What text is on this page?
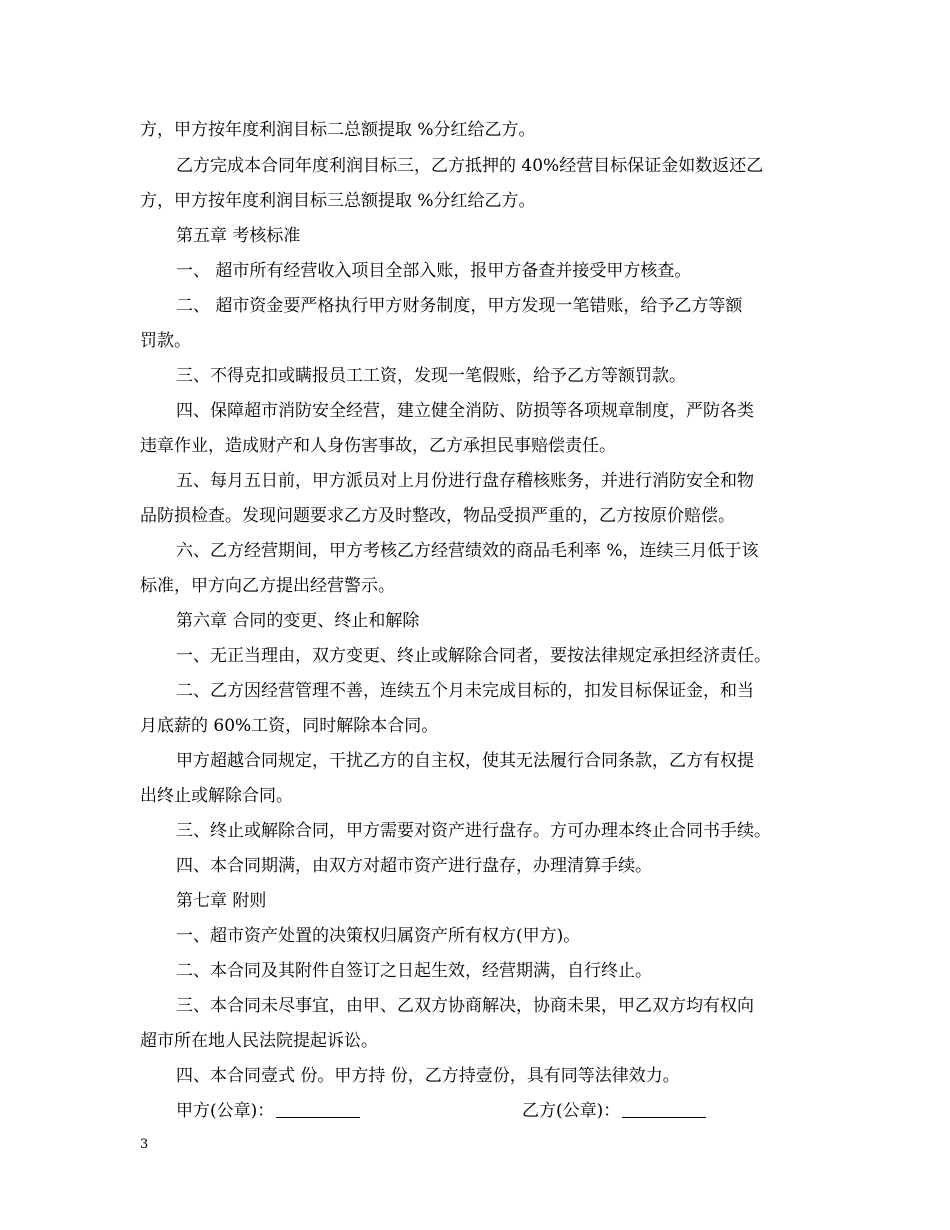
方，甲方按年度利润目标二总额提取 %分红给乙方。
乙方完成本合同年度利润目标三，乙方抵押的 40%经营目标保证金如数返还乙
方，甲方按年度利润目标三总额提取 %分红给乙方。
第五章 考核标准
一、 超市所有经营收入项目全部入账，报甲方备查并接受甲方核查。
二、 超市资金要严格执行甲方财务制度，甲方发现一笔错账，给予乙方等额
罚款。
三、不得克扣或瞒报员工工资，发现一笔假账，给予乙方等额罚款。
四、保障超市消防安全经营，建立健全消防、防损等各项规章制度，严防各类
违章作业，造成财产和人身伤害事故，乙方承担民事赔偿责任。
五、每月五日前，甲方派员对上月份进行盘存稽核账务，并进行消防安全和物
品防损检查。发现问题要求乙方及时整改，物品受损严重的，乙方按原价赔偿。
六、乙方经营期间，甲方考核乙方经营绩效的商品毛利率 %，连续三月低于该
标准，甲方向乙方提出经营警示。
第六章 合同的变更、终止和解除
一、无正当理由，双方变更、终止或解除合同者，要按法律规定承担经济责任。
二、乙方因经营管理不善，连续五个月未完成目标的，扣发目标保证金，和当
月底薪的 60%工资，同时解除本合同。
甲方超越合同规定，干扰乙方的自主权，使其无法履行合同条款，乙方有权提
出终止或解除合同。
三、终止或解除合同，甲方需要对资产进行盘存。方可办理本终止合同书手续。
四、本合同期满，由双方对超市资产进行盘存，办理清算手续。
第七章 附则
一、超市资产处置的决策权归属资产所有权方(甲方)。
二、本合同及其附件自签订之日起生效，经营期满，自行终止。
三、本合同未尽事宜，由甲、乙双方协商解决，协商未果，甲乙双方均有权向
超市所在地人民法院提起诉讼。
四、本合同壹式 份。甲方持 份，乙方持壹份，具有同等法律效力。
甲方(公章)：	乙方(公章)：
3
